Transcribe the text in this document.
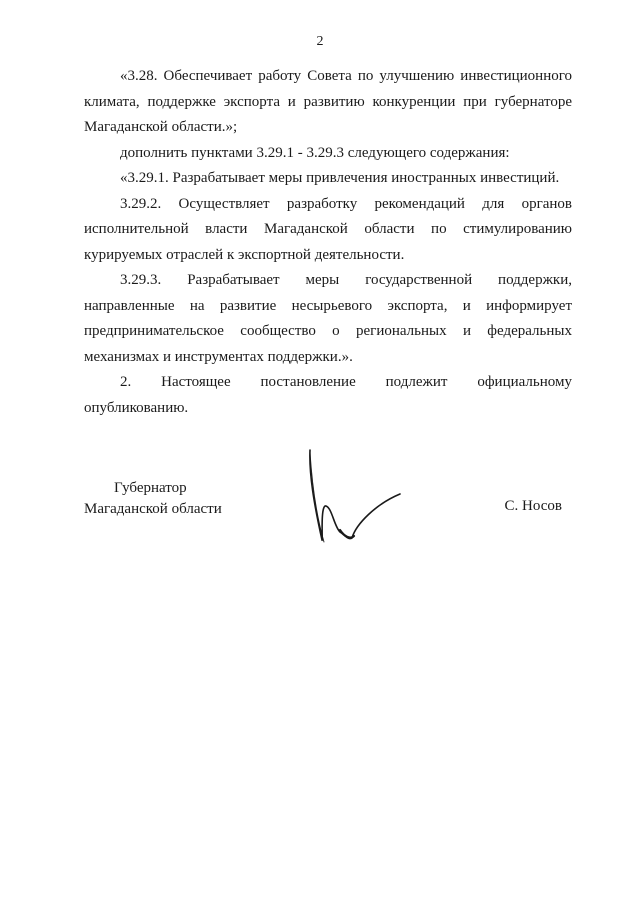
2

«3.28. Обеспечивает работу Совета по улучшению инвестиционного климата, поддержке экспорта и развитию конкуренции при губернаторе Магаданской области.»;

дополнить пунктами 3.29.1 - 3.29.3 следующего содержания:

«3.29.1. Разрабатывает меры привлечения иностранных инвестиций.

3.29.2. Осуществляет разработку рекомендаций для органов исполнительной власти Магаданской области по стимулированию курируемых отраслей к экспортной деятельности.

3.29.3. Разрабатывает меры государственной поддержки, направленные на развитие несырьевого экспорта, и информирует предпринимательское сообщество о региональных и федеральных механизмах и инструментах поддержки.».

2. Настоящее постановление подлежит официальному опубликованию.

Губернатор
Магаданской области	С. Носов
